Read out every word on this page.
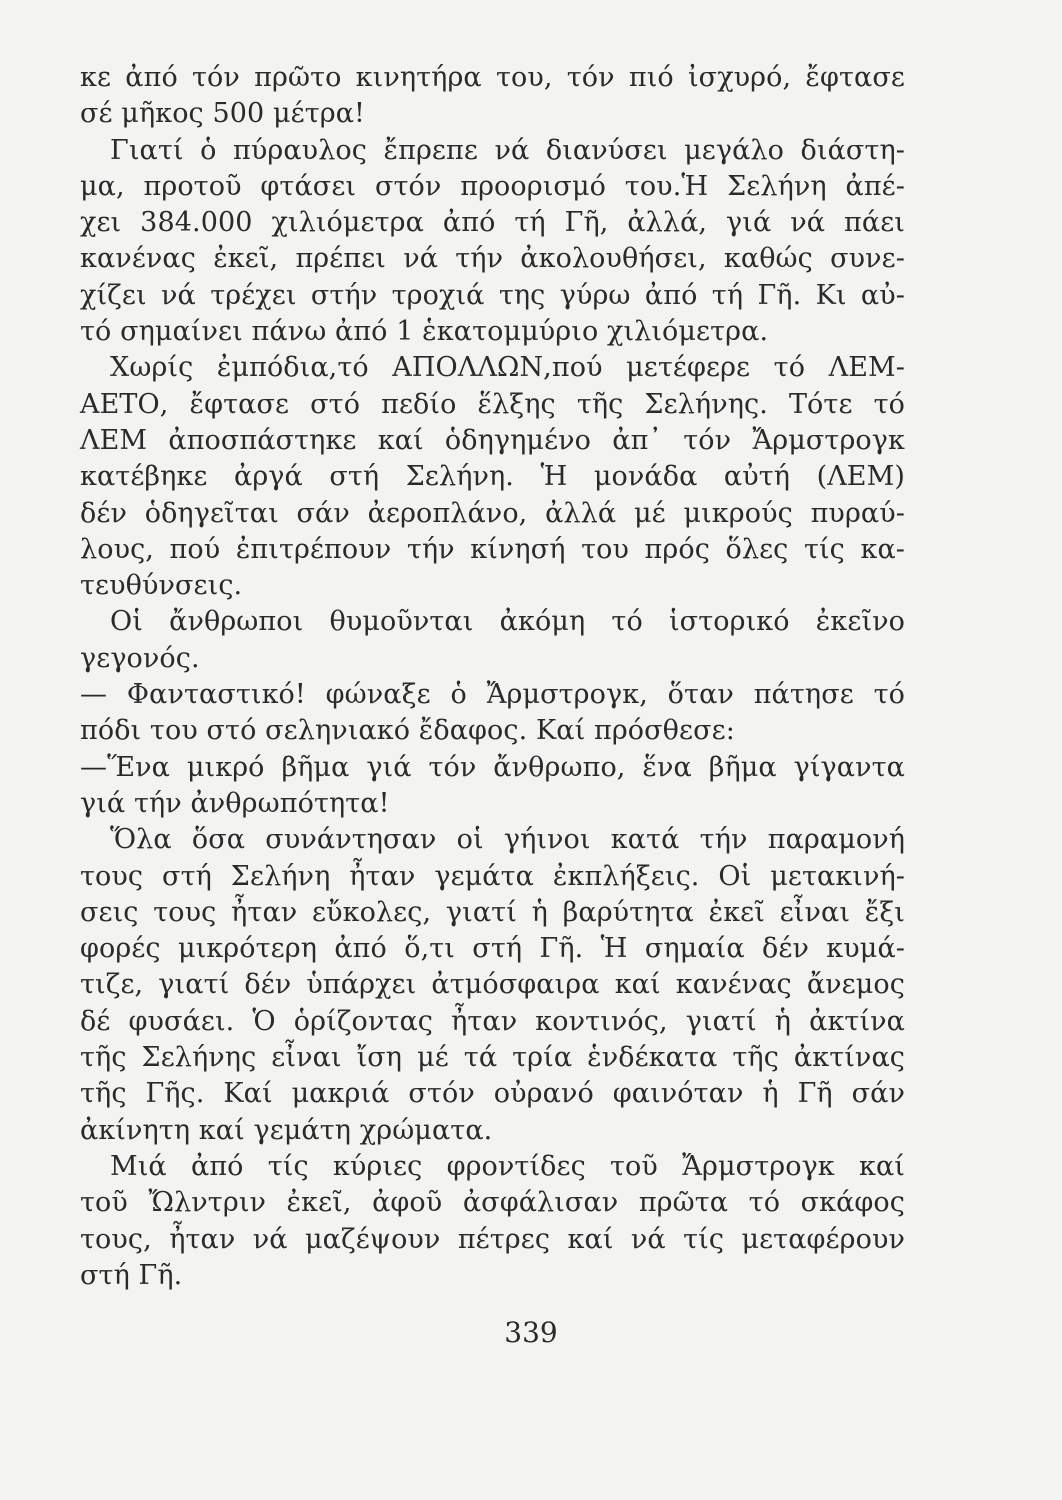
κε ἀπό τόν πρῶτο κινητήρα του, τόν πιό ἰσχυρό, ἔφτασε
σέ μῆκος 500 μέτρα!
Γιατί ὁ πύραυλος ἔπρεπε νά διανύσει μεγάλο διάστη-
μα, προτοῦ φτάσει στόν προορισμό του.Ἡ Σελήνη ἀπέ-
χει 384.000 χιλιόμετρα ἀπό τή Γῆ, ἀλλά, γιά νά πάει
κανένας ἐκεῖ, πρέπει νά τήν ἀκολουθήσει, καθώς συνε-
χίζει νά τρέχει στήν τροχιά της γύρω ἀπό τή Γῆ. Κι αὐ-
τό σημαίνει πάνω ἀπό 1 ἑκατομμύριο χιλιόμετρα.
Χωρίς ἐμπόδια,τό ΑΠΟΛΛΩΝ,πού μετέφερε τό ΛΕΜ-
ΑΕΤΟ, ἔφτασε στό πεδίο ἕλξης τῆς Σελήνης. Τότε τό
ΛΕΜ ἀποσπάστηκε καί ὁδηγημένο ἀπ᾽ τόν Ἄρμστρογκ
κατέβηκε ἀργά στή Σελήνη. Ἡ μονάδα αὐτή (ΛΕΜ)
δέν ὁδηγεῖται σάν ἀεροπλάνο, ἀλλά μέ μικρούς πυραύ-
λους, πού ἐπιτρέπουν τήν κίνησή του πρός ὅλες τίς κα-
τευθύνσεις.
Οἱ ἄνθρωποι θυμοῦνται ἀκόμη τό ἱστορικό ἐκεῖνο
γεγονός.
— Φανταστικό! φώναξε ὁ Ἄρμστρογκ, ὅταν πάτησε τό
πόδι του στό σεληνιακό ἔδαφος. Καί πρόσθεσε:
—Ἕνα μικρό βῆμα γιά τόν ἄνθρωπο, ἕνα βῆμα γίγαντα
γιά τήν ἀνθρωπότητα!
Ὅλα ὅσα συνάντησαν οἱ γήινοι κατά τήν παραμονή
τους στή Σελήνη ἦταν γεμάτα ἐκπλήξεις. Οἱ μετακινή-
σεις τους ἦταν εὔκολες, γιατί ἡ βαρύτητα ἐκεῖ εἶναι ἔξι
φορές μικρότερη ἀπό ὅ,τι στή Γῆ. Ἡ σημαία δέν κυμά-
τιζε, γιατί δέν ὑπάρχει ἀτμόσφαιρα καί κανένας ἄνεμος
δέ φυσάει. Ὁ ὁρίζοντας ἦταν κοντινός, γιατί ἡ ἀκτίνα
τῆς Σελήνης εἶναι ἴση μέ τά τρία ἑνδέκατα τῆς ἀκτίνας
τῆς Γῆς. Καί μακριά στόν οὐρανό φαινόταν ἡ Γῆ σάν
ἀκίνητη καί γεμάτη χρώματα.
Μιά ἀπό τίς κύριες φροντίδες τοῦ Ἄρμστρογκ καί
τοῦ Ὤλντριν ἐκεῖ, ἀφοῦ ἀσφάλισαν πρῶτα τό σκάφος
τους, ἦταν νά μαζέψουν πέτρες καί νά τίς μεταφέρουν
στή Γῆ.
339
